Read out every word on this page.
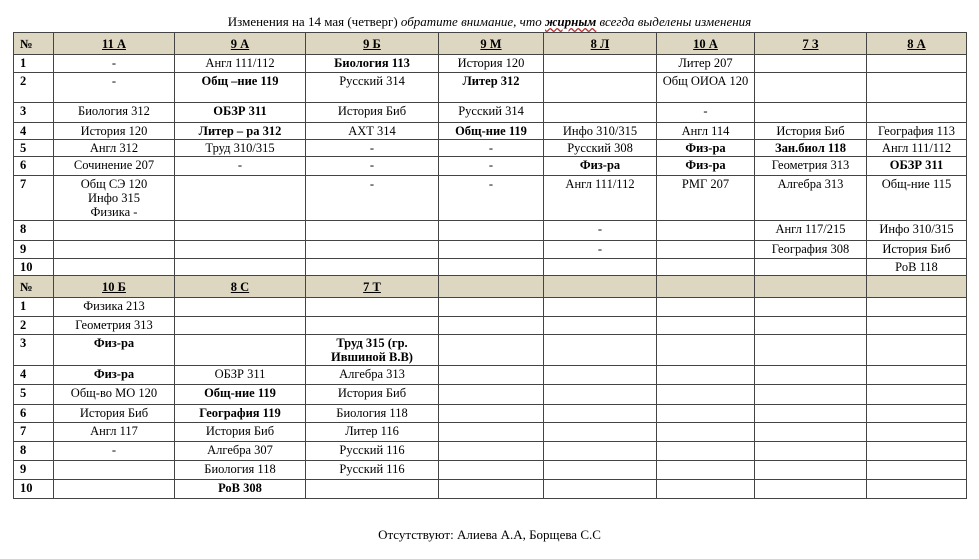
Изменения на 14 мая (четверг) обратите внимание, что жирным всегда выделены изменения
№	11 А	9 А	9 Б	9 М	8 Л	10 А	7 З	8 А
1	-	Англ 111/112	Биология 113	История 120		Литер 207		
2	-	Общ –ние 119	Русский 314	Литер 312		Общ ОИОА 120		
3	Биология 312	ОБЗР 311	История Биб	Русский 314		-		
4	История 120	Литер – ра 312	АХТ 314	Общ-ние 119	Инфо 310/315	Англ 114	История Биб	География 113
5	Англ 312	Труд 310/315	-	-	Русский 308	Физ-ра	Зан.биол 118	Англ 111/112
6	Сочинение 207	-	-	-	Физ-ра	Физ-ра	Геометрия 313	ОБЗР 311
7	Общ СЭ 120
Инфо 315
Физика -		-	-	Англ 111/112	РМГ 207	Алгебра 313	Общ-ние 115
8					-		Англ 117/215	Инфо 310/315
9					-		География 308	История Биб
10								РоВ 118
№	10 Б	8 С	7 Т					
1	Физика 213							
2	Геометрия 313							
3	Физ-ра		Труд 315 (гр. Ившиной В.В)					
4	Физ-ра	ОБЗР 311	Алгебра 313					
5	Общ-во МО 120	Общ-ние 119	История Биб					
6	История Биб	География 119	Биология 118					
7	Англ 117	История Биб	Литер 116					
8	-	Алгебра 307	Русский 116					
9		Биология 118	Русский 116					
10		РоВ 308						
Отсутствуют: Алиева А.А, Борщева С.С
